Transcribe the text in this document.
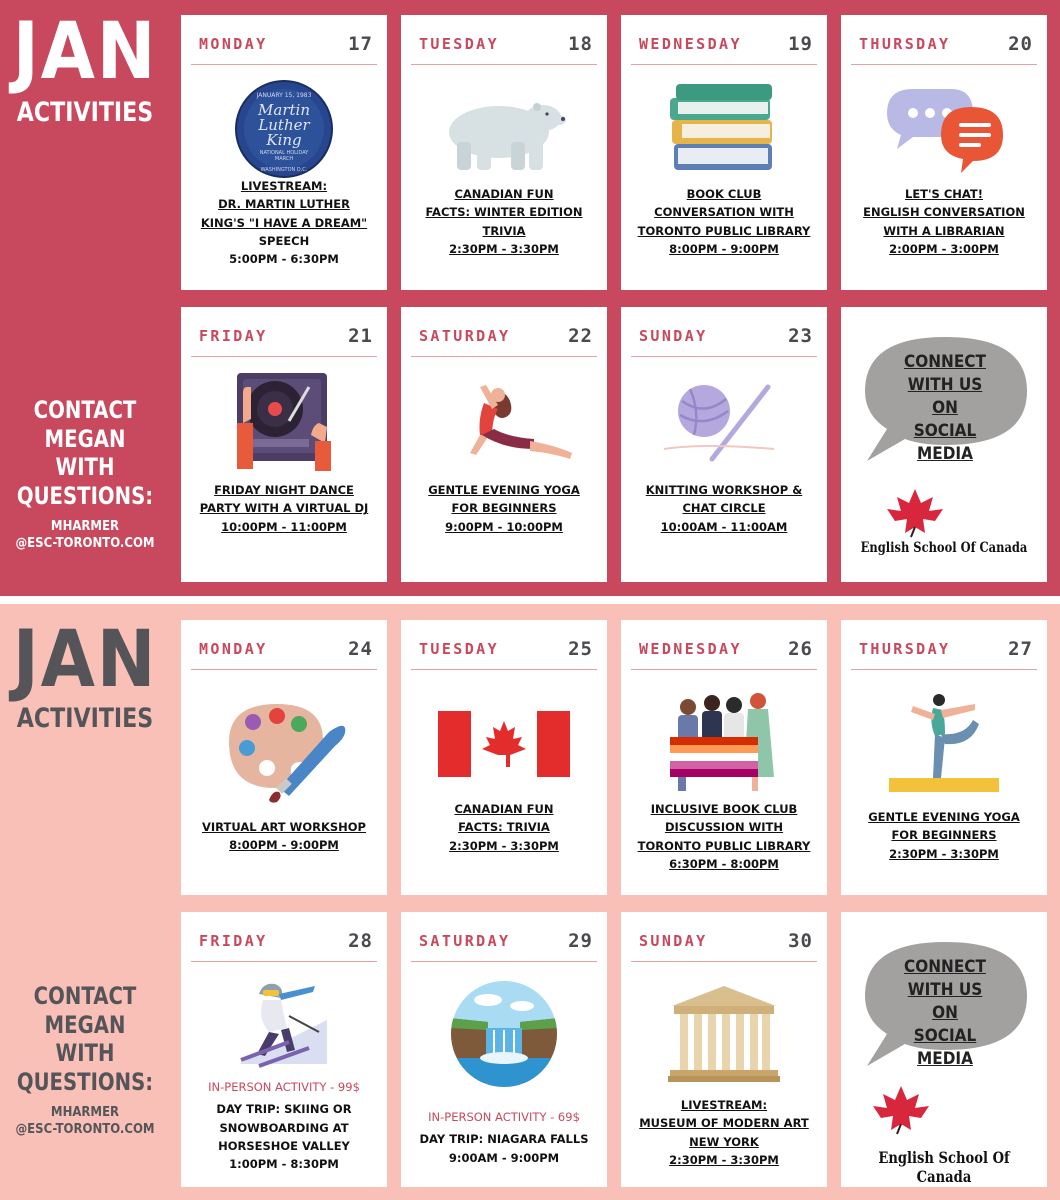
JAN
ACTIVITIES
CONTACT
MEGAN
WITH
QUESTIONS:
MHARMER
@ESC-TORONTO.COM
MONDAY	17
JANUARY 15, 1983
Martin
Luther
King
NATIONAL HOLIDAY
MARCH
WASHINGTON D.C.
LIVESTREAM:
DR. MARTIN LUTHER
KING'S "I HAVE A DREAM"
SPEECH
5:00PM - 6:30PM
TUESDAY	18
CANADIAN FUN
FACTS: WINTER EDITION
TRIVIA
2:30PM - 3:30PM
WEDNESDAY 19
BOOK CLUB
CONVERSATION WITH
TORONTO PUBLIC LIBRARY
8:00PM - 9:00PM
THURSDAY	20
LET'S CHAT!
ENGLISH CONVERSATION
WITH A LIBRARIAN
2:00PM - 3:00PM
FRIDAY	21
FRIDAY NIGHT DANCE
PARTY WITH A VIRTUAL DJ
10:00PM - 11:00PM
SATURDAY	22
GENTLE EVENING YOGA
FOR BEGINNERS
9:00PM - 10:00PM
SUNDAY	23
KNITTING WORKSHOP &
CHAT CIRCLE
10:00AM - 11:00AM
CONNECT
WITH US
ON SOCIAL
MEDIA
English School Of Canada
JAN
ACTIVITIES
CONTACT
MEGAN
WITH
QUESTIONS:
MHARMER
@ESC-TORONTO.COM
MONDAY	24
VIRTUAL ART WORKSHOP
8:00PM - 9:00PM
TUESDAY	25
CANADIAN FUN
FACTS: TRIVIA
2:30PM - 3:30PM
WEDNESDAY 26
INCLUSIVE BOOK CLUB
DISCUSSION WITH
TORONTO PUBLIC LIBRARY
6:30PM - 8:00PM
THURSDAY	27
GENTLE EVENING YOGA
FOR BEGINNERS
2:30PM - 3:30PM
FRIDAY	28
IN-PERSON ACTIVITY - 99$
DAY TRIP: SKIING OR
SNOWBOARDING AT
HORSESHOE VALLEY
1:00PM - 8:30PM
SATURDAY	29
IN-PERSON ACTIVITY - 69$
DAY TRIP: NIAGARA FALLS
9:00AM - 9:00PM
SUNDAY	30
LIVESTREAM:
MUSEUM OF MODERN ART
NEW YORK
2:30PM - 3:30PM
CONNECT
WITH US
ON SOCIAL
MEDIA
English School Of Canada
